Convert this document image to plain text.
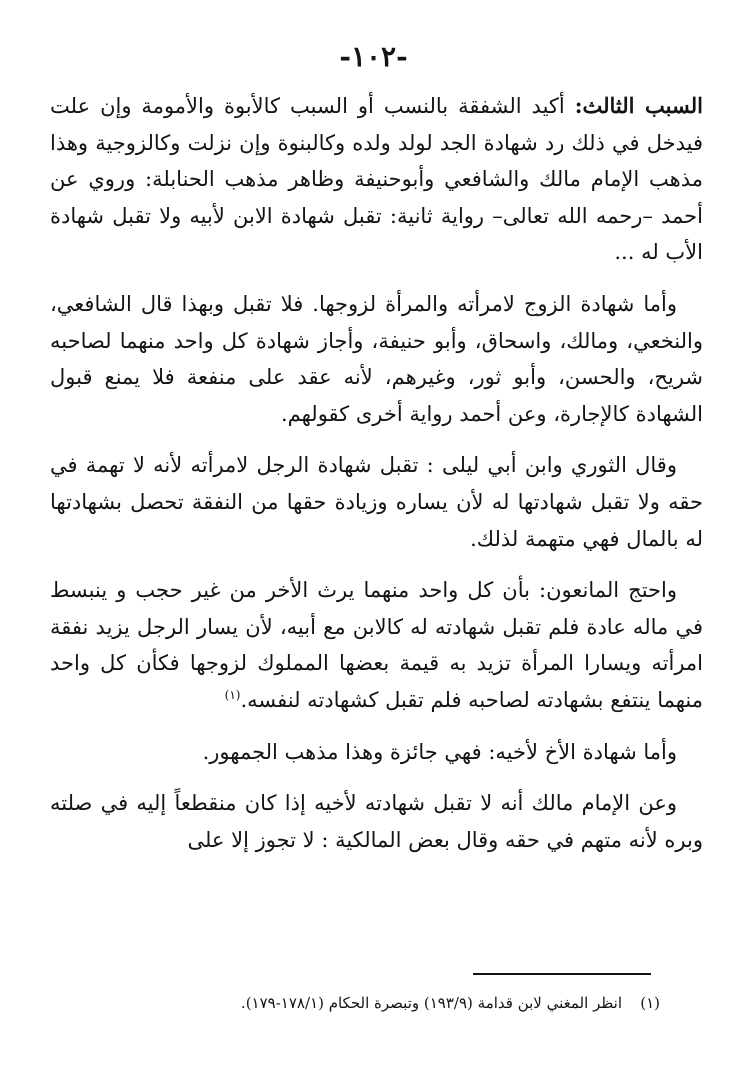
-١٠٢-

السبب الثالث: أكيد الشفقة بالنسب أو السبب كالأبوة والأمومة وإن علت فيدخل في ذلك رد شهادة الجد لولد ولده وكالبنوة وإن نزلت وكالزوجية وهذا مذهب الإمام مالك والشافعي وأبوحنيفة وظاهر مذهب الحنابلة: وروي عن أحمد –رحمه الله تعالى– رواية ثانية: تقبل شهادة الابن لأبيه ولا تقبل شهادة الأب له ...

وأما شهادة الزوج لامرأته والمرأة لزوجها. فلا تقبل وبهذا قال الشافعي، والنخعي، ومالك، واسحاق، وأبو حنيفة، وأجاز شهادة كل واحد منهما لصاحبه شريح، والحسن، وأبو ثور، وغيرهم، لأنه عقد على منفعة فلا يمنع قبول الشهادة كالإجارة، وعن أحمد رواية أخرى كقولهم.

وقال الثوري وابن أبي ليلى : تقبل شهادة الرجل لامرأته لأنه لا تهمة في حقه ولا تقبل شهادتها له لأن يساره وزيادة حقها من النفقة تحصل بشهادتها له بالمال فهي متهمة لذلك.

واحتج المانعون: بأن كل واحد منهما يرث الأخر من غير حجب و ينبسط في ماله عادة فلم تقبل شهادته له كالابن مع أبيه، لأن يسار الرجل يزيد نفقة امرأته ويسارا المرأة تزيد به قيمة بعضها المملوك لزوجها فكأن كل واحد منهما ينتفع بشهادته لصاحبه فلم تقبل كشهادته لنفسه.$^{(١)}$

وأما شهادة الأخ لأخيه: فهي جائزة وهذا مذهب الجمهور.

وعن الإمام مالك أنه لا تقبل شهادته لأخيه إذا كان منقطعاً إليه في صلته وبره لأنه متهم في حقه وقال بعض المالكية : لا تجوز إلا على

(١)انظر المغني لابن قدامة (١٩٣/٩) وتبصرة الحكام (١٧٨/١-١٧٩).
